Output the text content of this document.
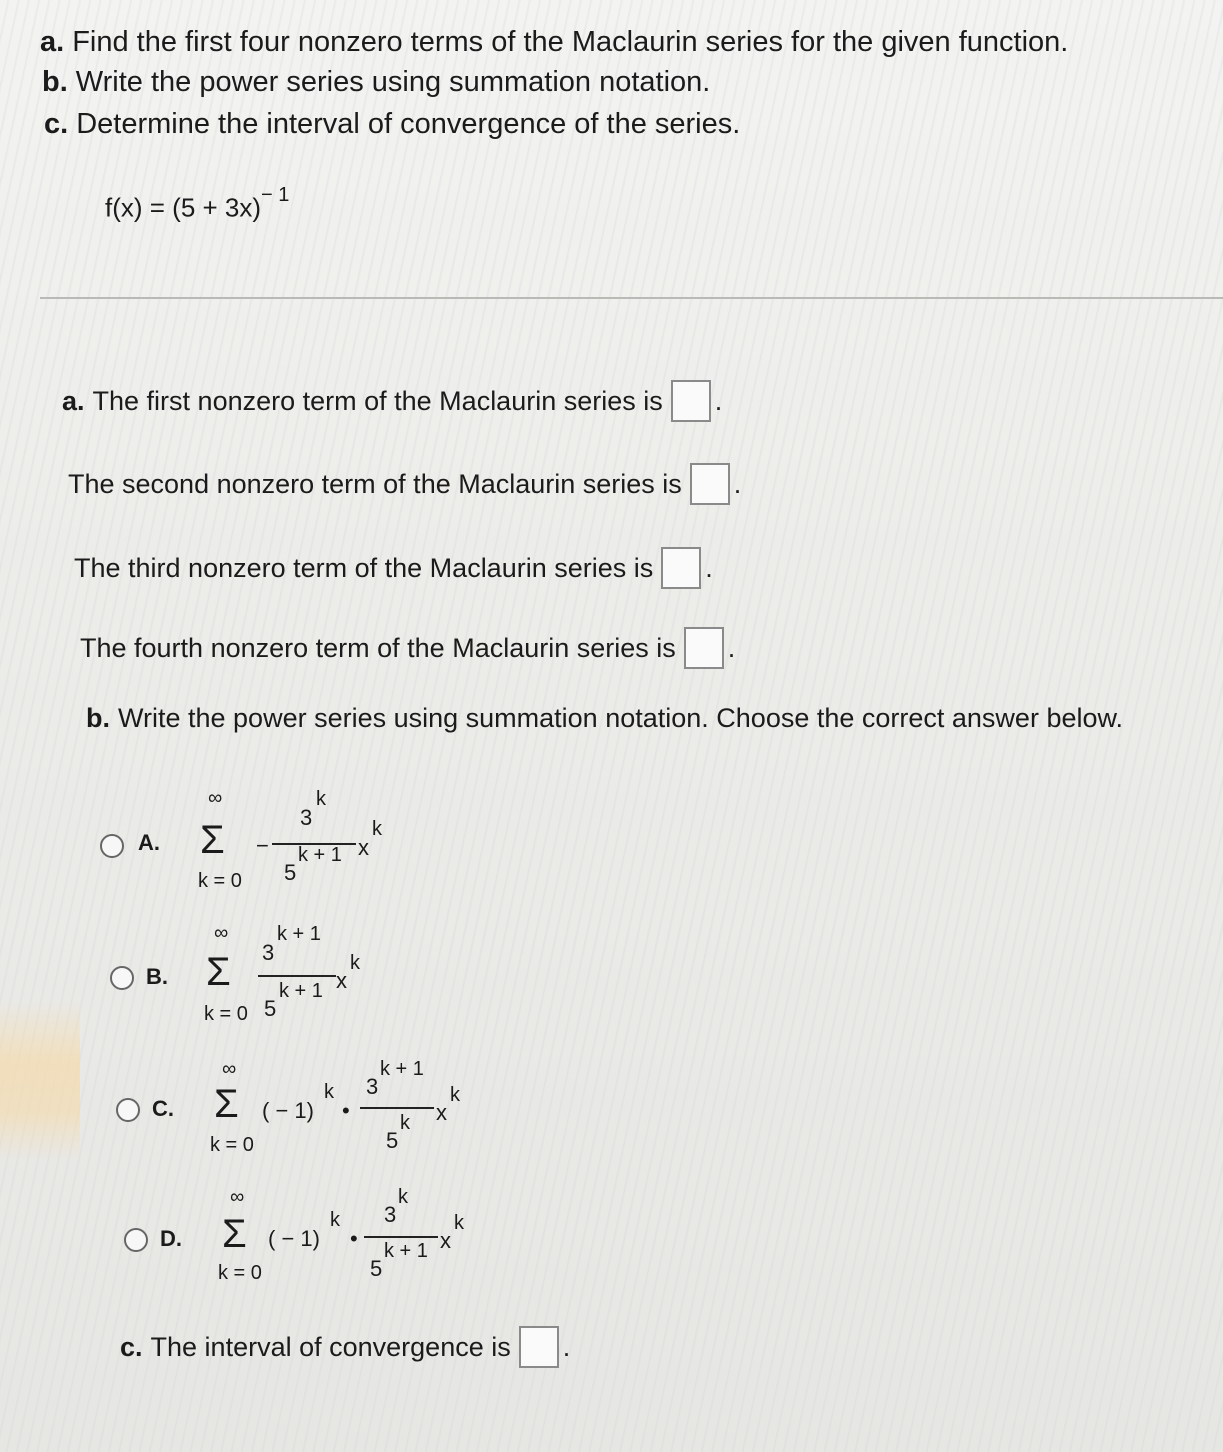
a. Find the first four nonzero terms of the Maclaurin series for the given function.
b. Write the power series using summation notation.
c. Determine the interval of convergence of the series.
$f(x) = (5 + 3x)^{- 1}$
a. The first nonzero term of the Maclaurin series is .
The second nonzero term of the Maclaurin series is .
The third nonzero term of the Maclaurin series is .
The fourth nonzero term of the Maclaurin series is .
b. Write the power series using summation notation. Choose the correct answer below.
A.
∞
Σ
k = 0
−
3
k
5
k + 1 x
k
B.
∞
Σ
k = 0
3
k + 1
5
k + 1 x
k
C.
∞
Σ
k = 0
( − 1)
k
•
3
k + 1
5
k x
k
D.
∞
Σ
k = 0
( − 1)
k
•
3
k
5
k + 1 x
k
c. The interval of convergence is .
